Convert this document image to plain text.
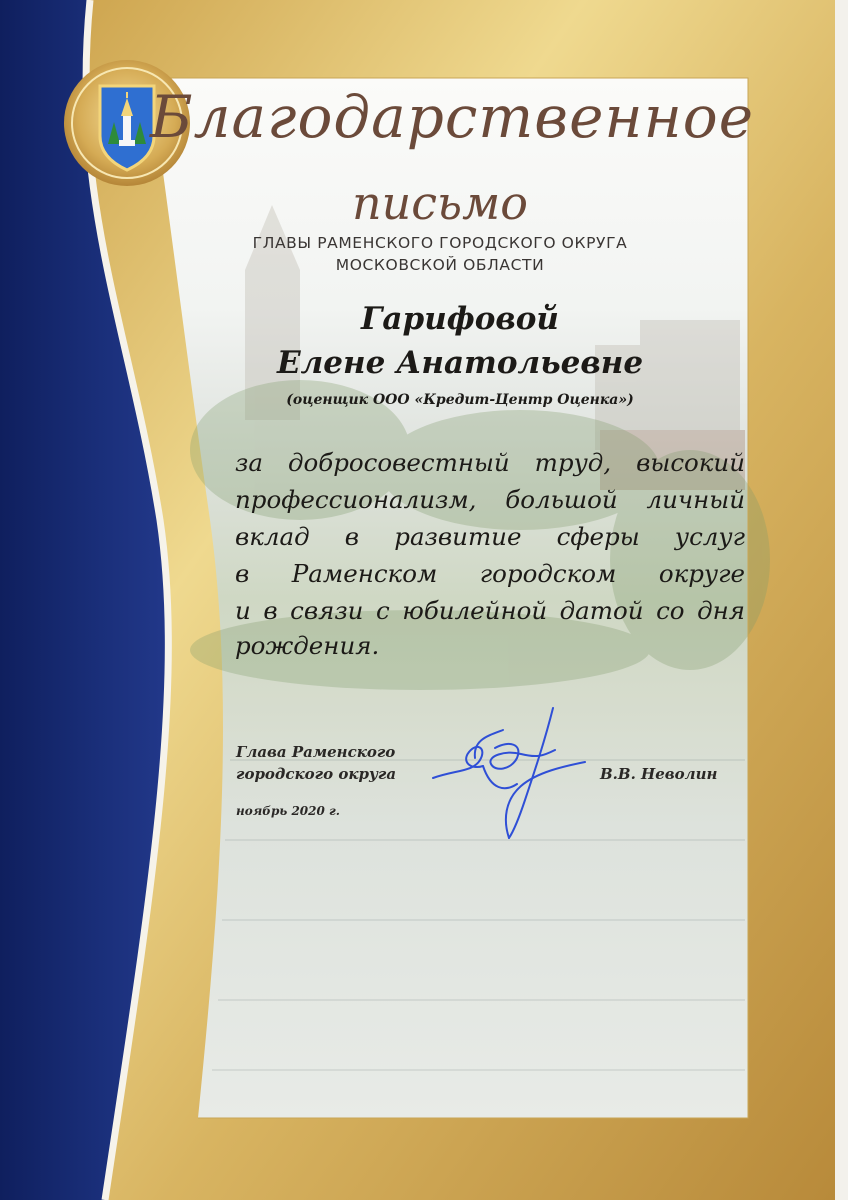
Благодарственное

письмо

ГЛАВЫ РАМЕНСКОГО ГОРОДСКОГО ОКРУГА

МОСКОВСКОЙ ОБЛАСТИ

Гарифовой

Елене Анатольевне

(оценщик ООО «Кредит-Центр Оценка»)

за добросовестный труд, высокий

профессионализм, большой личный

вклад в развитие сферы услуг

в Раменском городском округе

и в связи с юбилейной датой со дня

рождения.

Глава Раменского

городского округа

ноябрь 2020 г.

В.В. Неволин
